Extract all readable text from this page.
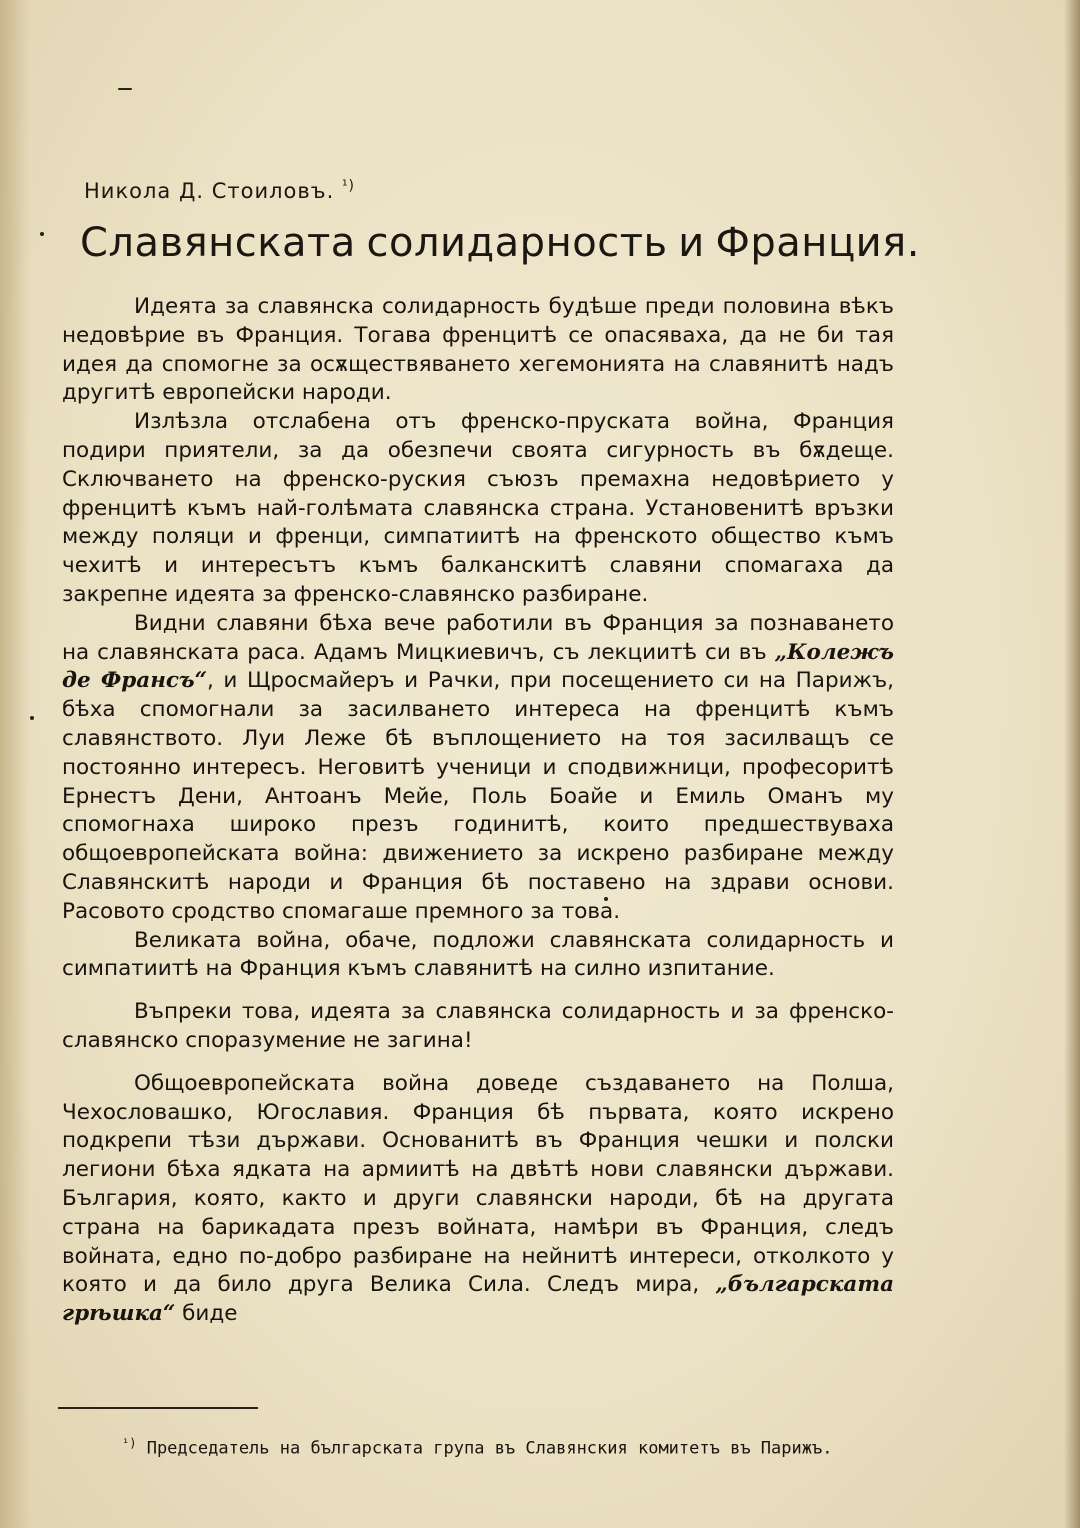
Никола Д. Стоиловъ. $^{^1)}$
Славянската солидарность и Франция.

Идеята за славянска солидарность будѣше преди половина вѣкъ недовѣрие въ Франция. Тогава френцитѣ се опасяваха, да не би тая идея да спомогне за осѫществяването хегемонията на славянитѣ надъ другитѣ европейски народи.

Излѣзла отслабена отъ френско-пруската война, Франция подири приятели, за да обезпечи своята сигурность въ бѫдеще. Сключването на френско-руския съюзъ премахна недовѣрието у френцитѣ къмъ най-голѣмата славянска страна. Установенитѣ връзки между поляци и френци, симпатиитѣ на френското общество къмъ чехитѣ и интересътъ къмъ балканскитѣ славяни спомагаха да закрепне идеята за френско-славянско разбиране.

Видни славяни бѣха вече работили въ Франция за познаването на славянската раса. Адамъ Мицкиевичъ, съ лекциитѣ си въ „Колежъ де Франсъ“, и Щросмайеръ и Рачки, при посещението си на Парижъ, бѣха спомогнали за засилването интереса на френцитѣ къмъ славянството. Луи Леже бѣ въплощението на тоя засилващъ се постоянно интересъ. Неговитѣ ученици и сподвижници, професоритѣ Ернестъ Дени, Антоанъ Мейе, Поль Боайе и Емиль Оманъ му спомогнаха широко презъ годинитѣ, които предшествуваха общоевропейската война: движението за искрено разбиране между Славянскитѣ народи и Франция бѣ поставено на здрави основи. Расовото сродство спомагаше премного за това.

Великата война, обаче, подложи славянската солидарность и симпатиитѣ на Франция къмъ славянитѣ на силно изпитание.

Въпреки това, идеята за славянска солидарность и за френско-славянско споразумение не загина!

Общоевропейската война доведе създаването на Полша, Чехословашко, Югославия. Франция бѣ първата, която искрено подкрепи тѣзи държави. Основанитѣ въ Франция чешки и полски легиони бѣха ядката на армиитѣ на двѣтѣ нови славянски държави. България, която, както и други славянски народи, бѣ на другата страна на барикадата презъ войната, намѣри въ Франция, следъ войната, едно по-добро разбиране на нейнитѣ интереси, отколкото у която и да било друга Велика Сила. Следъ мира, „българската грѣшка“ биде

$^{^1)}$ Председатель на българската група въ Славянския комитетъ въ Парижъ.
